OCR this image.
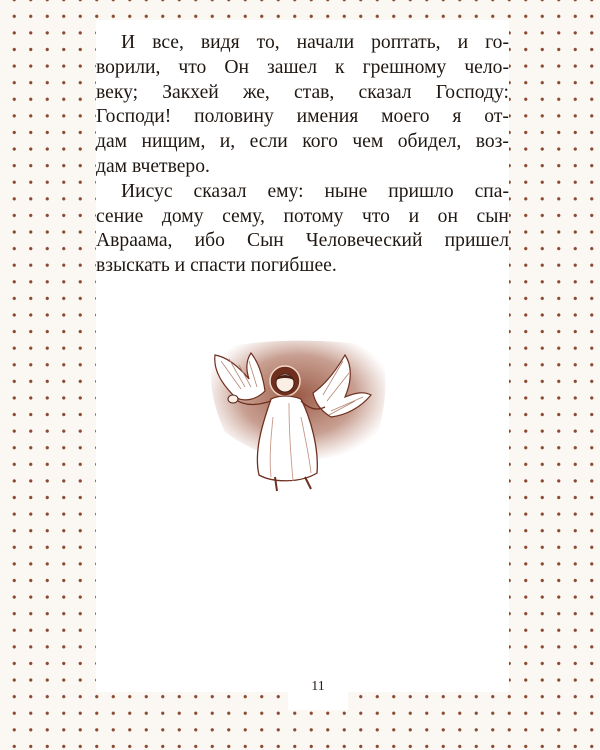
И все, видя то, начали роптать, и го-
ворили, что Он зашел к грешному чело-
веку; Закхей же, став, сказал Господу:
Господи! половину имения моего я от-
дам нищим, и, если кого чем обидел, воз-
дам вчетверо.
Иисус сказал ему: ныне пришло спа-
сение дому сему, потому что и он сын
Авраама, ибо Сын Человеческий пришел
взыскать и спасти погибшее.
11
